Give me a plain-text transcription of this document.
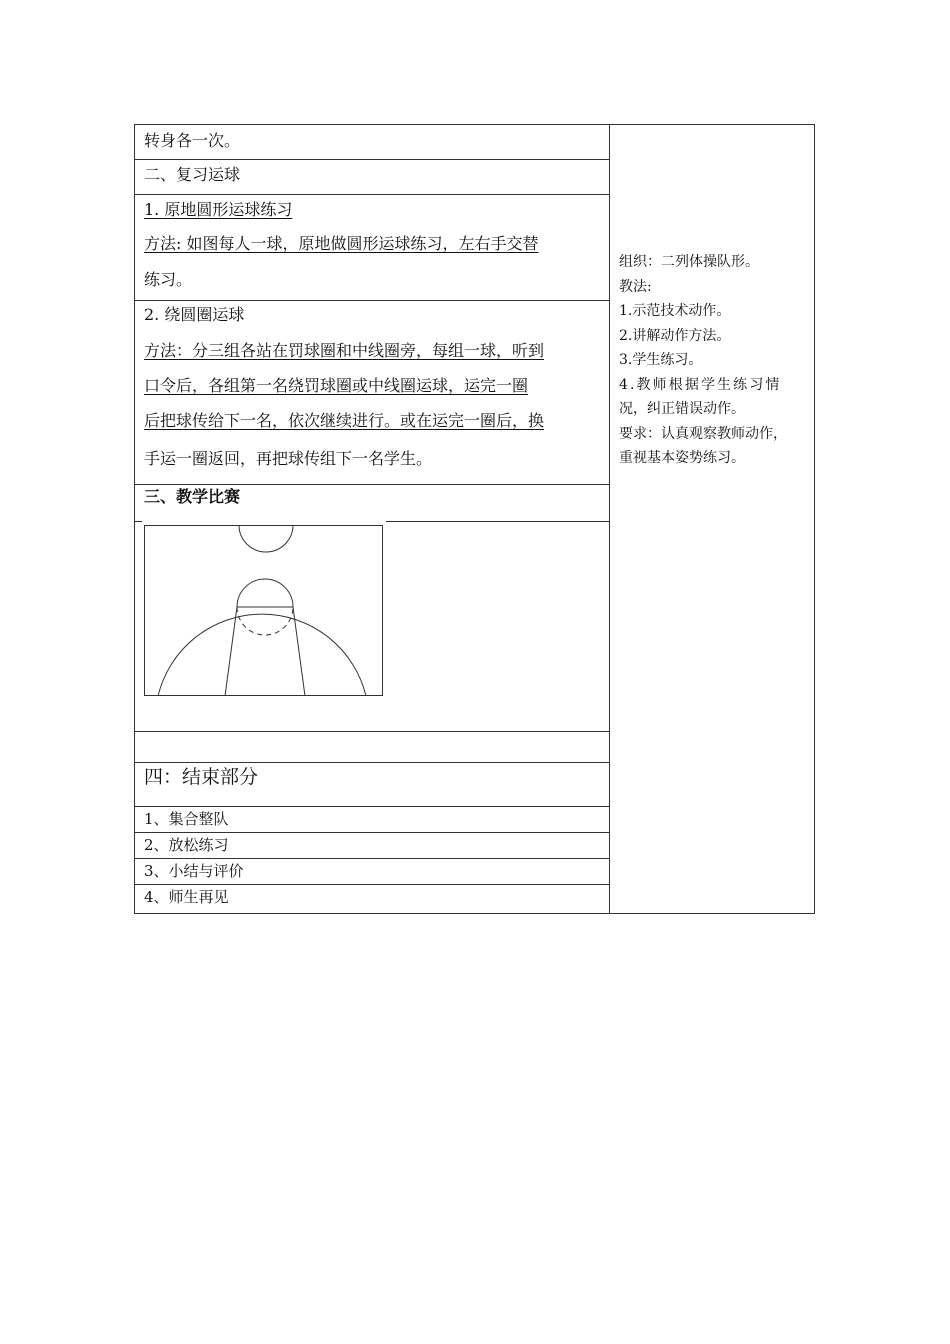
转身各一次。
二、复习运球
1. 原地圆形运球练习
方法: 如图每人一球，原地做圆形运球练习，左右手交替
练习。
2. 绕圆圈运球
方法：分三组各站在罚球圈和中线圈旁，每组一球，听到
口令后，各组第一名绕罚球圈或中线圈运球，运完一圈
后把球传给下一名，依次继续进行。或在运完一圈后，换
手运一圈返回，再把球传组下一名学生。
三、教学比赛
四：结束部分
1、集合整队
2、放松练习
3、小结与评价
4、师生再见
组织：二列体操队形。
教法:
1.示范技术动作。
2.讲解动作方法。
3.学生练习。
4.教师根据学生练习情
况，纠正错误动作。
要求：认真观察教师动作，
重视基本姿势练习。
